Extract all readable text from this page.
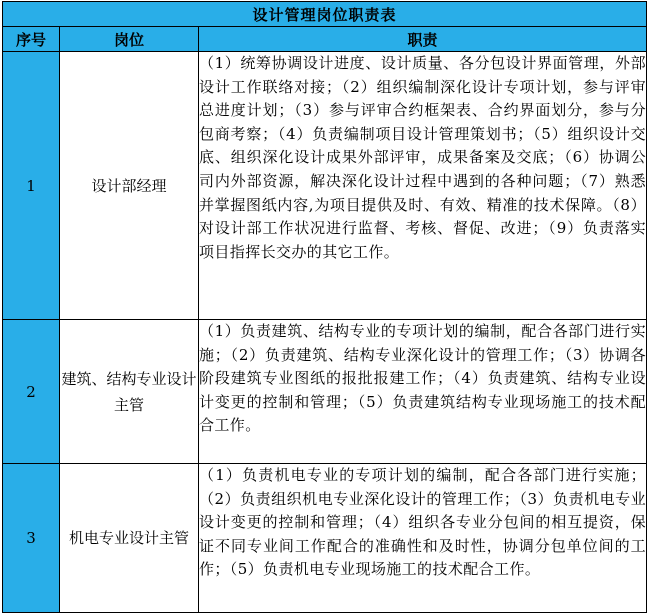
设计管理岗位职责表		
序号	岗位	职责
1	设计部经理	（1）统筹协调设计进度、设计质量、各分包设计界面管理，外部设计工作联络对接；（2）组织编制深化设计专项计划，参与评审总进度计划；（3）参与评审合约框架表、合约界面划分，参与分包商考察；（4）负责编制项目设计管理策划书；（5）组织设计交底、组织深化设计成果外部评审，成果备案及交底；（6）协调公司内外部资源，解决深化设计过程中遇到的各种问题；（7）熟悉并掌握图纸内容,为项目提供及时、有效、精准的技术保障。（8）对设计部工作状况进行监督、考核、督促、改进；（9）负责落实项目指挥长交办的其它工作。
2	建筑、结构专业设计主管	（1）负责建筑、结构专业的专项计划的编制，配合各部门进行实施；（2）负责建筑、结构专业深化设计的管理工作；（3）协调各阶段建筑专业图纸的报批报建工作；（4）负责建筑、结构专业设计变更的控制和管理；（5）负责建筑结构专业现场施工的技术配合工作。
3	机电专业设计主管	（1）负责机电专业的专项计划的编制，配合各部门进行实施；（2）负责组织机电专业深化设计的管理工作；（3）负责机电专业设计变更的控制和管理；（4）组织各专业分包间的相互提资，保证不同专业间工作配合的准确性和及时性，协调分包单位间的工作；（5）负责机电专业现场施工的技术配合工作。
